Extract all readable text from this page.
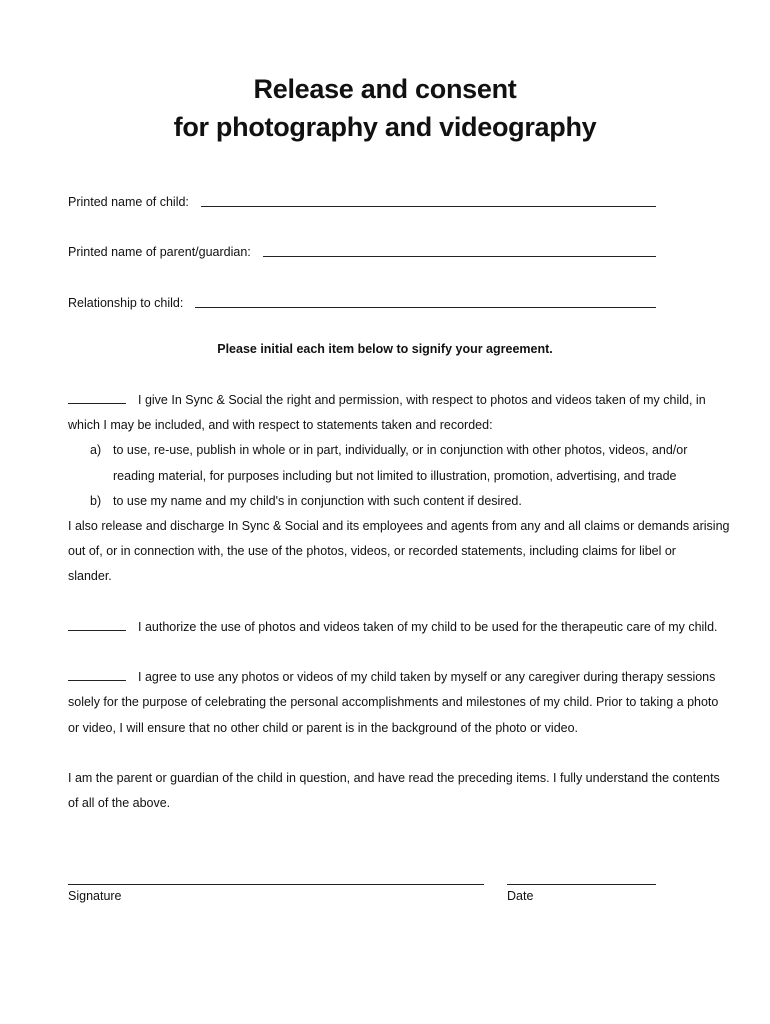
Release and consent
for photography and videography
Printed name of child:
Printed name of parent/guardian:
Relationship to child:
Please initial each item below to signify your agreement.
I give In Sync & Social the right and permission, with respect to photos and videos taken of my child, in
which I may be included, and with respect to statements taken and recorded:
a) to use, re-use, publish in whole or in part, individually, or in conjunction with other photos, videos, and/or
reading material, for purposes including but not limited to illustration, promotion, advertising, and trade
b) to use my name and my child's in conjunction with such content if desired.
I also release and discharge In Sync & Social and its employees and agents from any and all claims or demands arising
out of, or in connection with, the use of the photos, videos, or recorded statements, including claims for libel or
slander.
I authorize the use of photos and videos taken of my child to be used for the therapeutic care of my child.
I agree to use any photos or videos of my child taken by myself or any caregiver during therapy sessions
solely for the purpose of celebrating the personal accomplishments and milestones of my child. Prior to taking a photo
or video, I will ensure that no other child or parent is in the background of the photo or video.
I am the parent or guardian of the child in question, and have read the preceding items. I fully understand the contents
of all of the above.
Signature	Date
